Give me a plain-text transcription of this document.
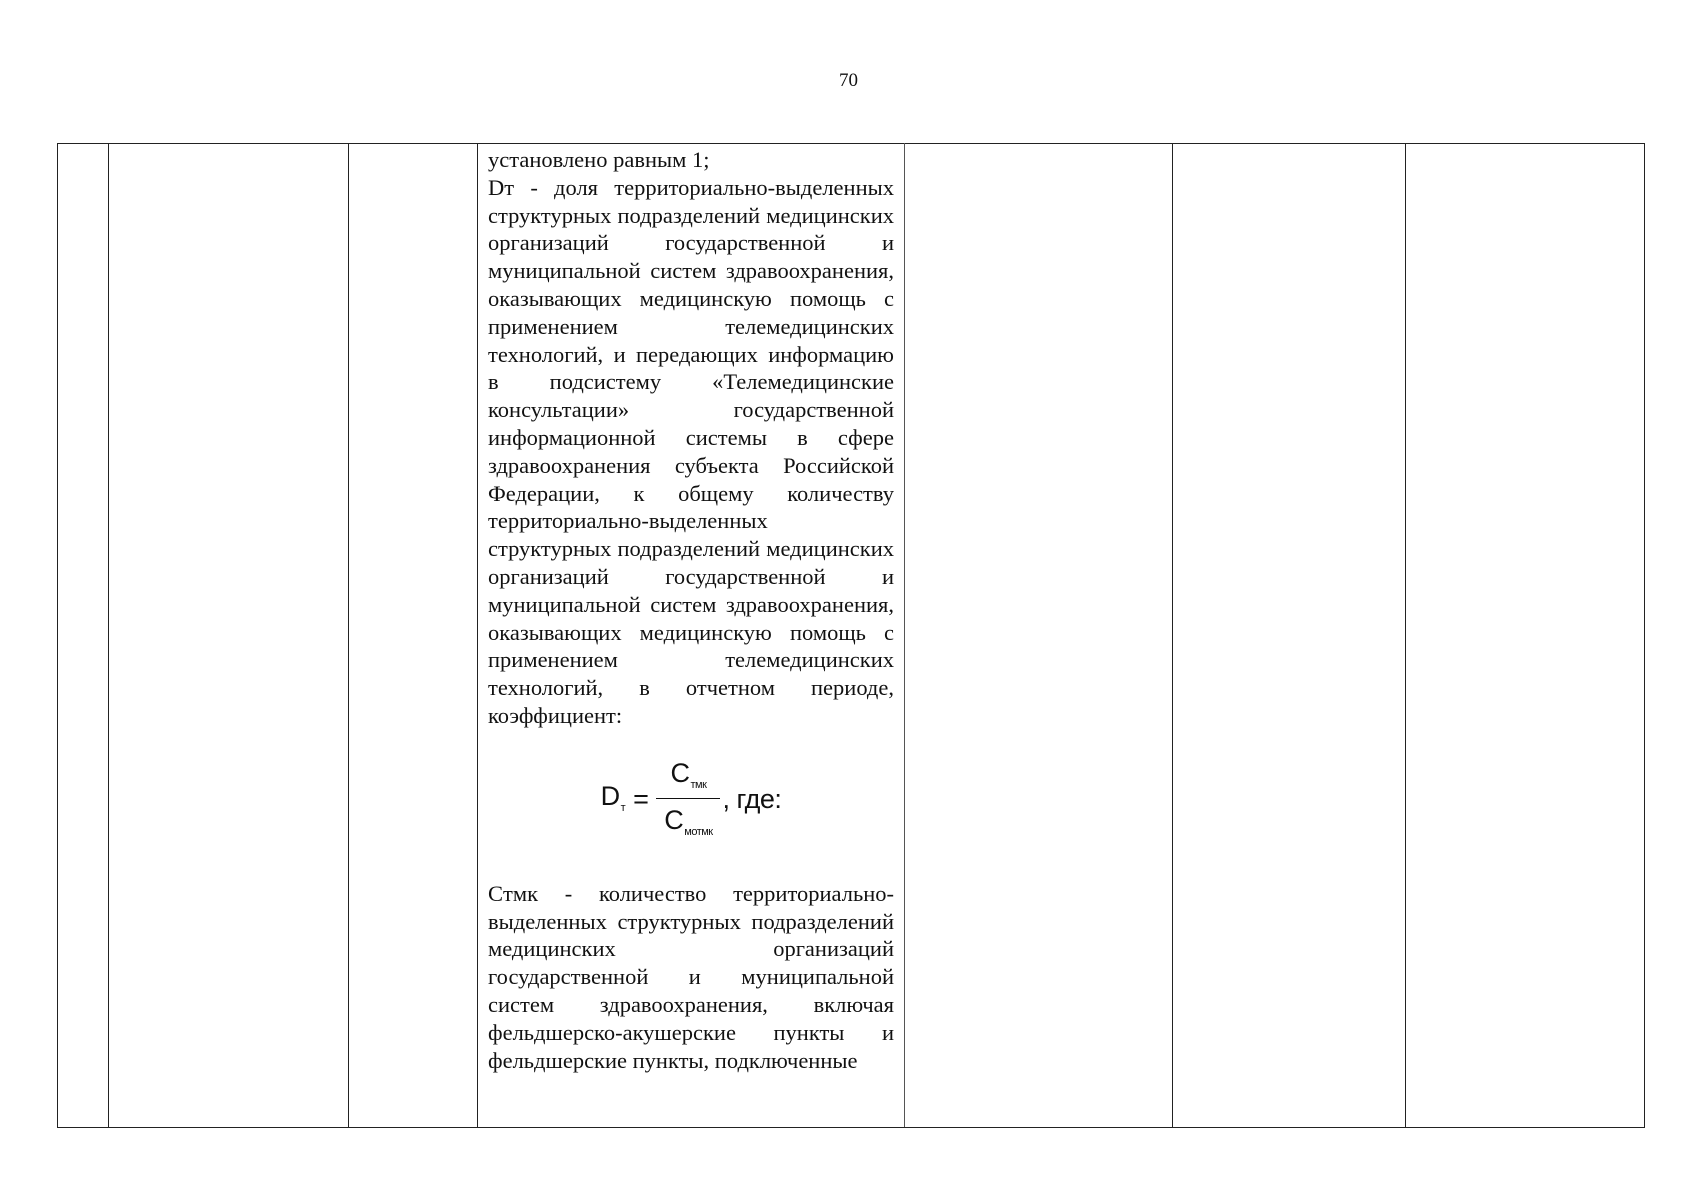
70

установлено равным 1;
Dт - доля территориально-выделенных структурных подразделений медицинских организаций государственной и муниципальной систем здравоохранения, оказывающих медицинскую помощь с применением телемедицинских технологий, и передающих информацию в подсистему «Телемедицинские консультации» государственной информационной системы в сфере здравоохранения субъекта Российской Федерации, к общему количеству территориально-выделенных структурных подразделений медицинских организаций государственной и муниципальной систем здравоохранения, оказывающих медицинскую помощь с применением телемедицинских технологий, в отчетном периоде, коэффициент:

D $т = \frac{\text{C тмк}}{\text{C мотмк}}$ , где:

Cтмк - количество территориально-выделенных структурных подразделений медицинских организаций государственной и муниципальной систем здравоохранения, включая фельдшерско-акушерские пункты и фельдшерские пункты, подключенные
